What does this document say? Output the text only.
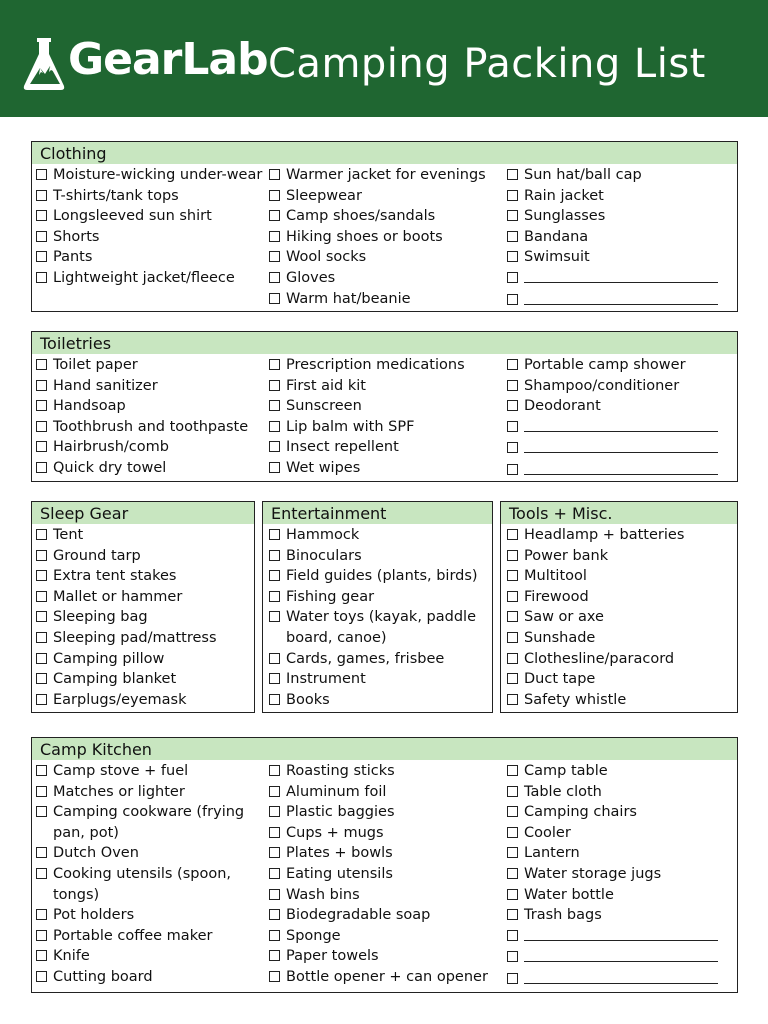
GearLab Camping Packing List
Clothing
Moisture-wicking under-wear
T-shirts/tank tops
Longsleeved sun shirt
Shorts
Pants
Lightweight jacket/fleece
Warmer jacket for evenings
Sleepwear
Camp shoes/sandals
Hiking shoes or boots
Wool socks
Gloves
Warm hat/beanie
Sun hat/ball cap
Rain jacket
Sunglasses
Bandana
Swimsuit
Toiletries
Toilet paper
Hand sanitizer
Handsoap
Toothbrush and toothpaste
Hairbrush/comb
Quick dry towel
Prescription medications
First aid kit
Sunscreen
Lip balm with SPF
Insect repellent
Wet wipes
Portable camp shower
Shampoo/conditioner
Deodorant
Sleep Gear
Tent
Ground tarp
Extra tent stakes
Mallet or hammer
Sleeping bag
Sleeping pad/mattress
Camping pillow
Camping blanket
Earplugs/eyemask
Entertainment
Hammock
Binoculars
Field guides (plants, birds)
Fishing gear
Water toys (kayak, paddle board, canoe)
Cards, games, frisbee
Instrument
Books
Tools + Misc.
Headlamp + batteries
Power bank
Multitool
Firewood
Saw or axe
Sunshade
Clothesline/paracord
Duct tape
Safety whistle
Camp Kitchen
Camp stove + fuel
Matches or lighter
Camping cookware (frying pan, pot)
Dutch Oven
Cooking utensils (spoon, tongs)
Pot holders
Portable coffee maker
Knife
Cutting board
Roasting sticks
Aluminum foil
Plastic baggies
Cups + mugs
Plates + bowls
Eating utensils
Wash bins
Biodegradable soap
Sponge
Paper towels
Bottle opener + can opener
Camp table
Table cloth
Camping chairs
Cooler
Lantern
Water storage jugs
Water bottle
Trash bags
